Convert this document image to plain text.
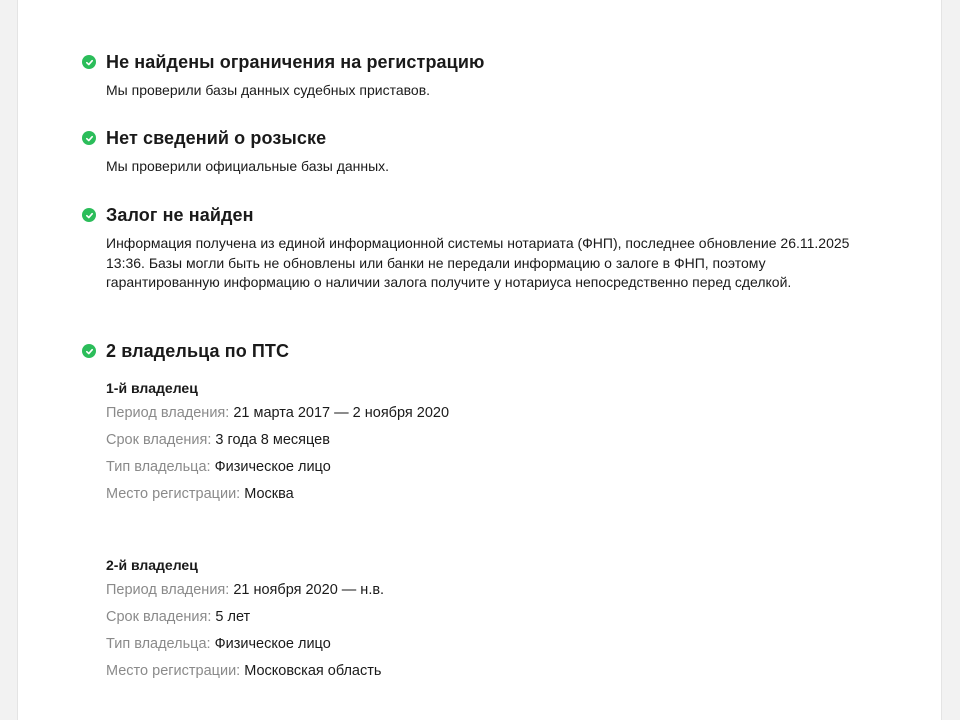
Не найдены ограничения на регистрацию
Мы проверили базы данных судебных приставов.
Нет сведений о розыске
Мы проверили официальные базы данных.
Залог не найден
Информация получена из единой информационной системы нотариата (ФНП), последнее обновление 26.11.2025 13:36. Базы могли быть не обновлены или банки не передали информацию о залоге в ФНП, поэтому гарантированную информацию о наличии залога получите у нотариуса непосредственно перед сделкой.
2 владельца по ПТС
1-й владелец
Период владения: 21 марта 2017 — 2 ноября 2020
Срок владения: 3 года 8 месяцев
Тип владельца: Физическое лицо
Место регистрации: Москва
2-й владелец
Период владения: 21 ноября 2020 — н.в.
Срок владения: 5 лет
Тип владельца: Физическое лицо
Место регистрации: Московская область
